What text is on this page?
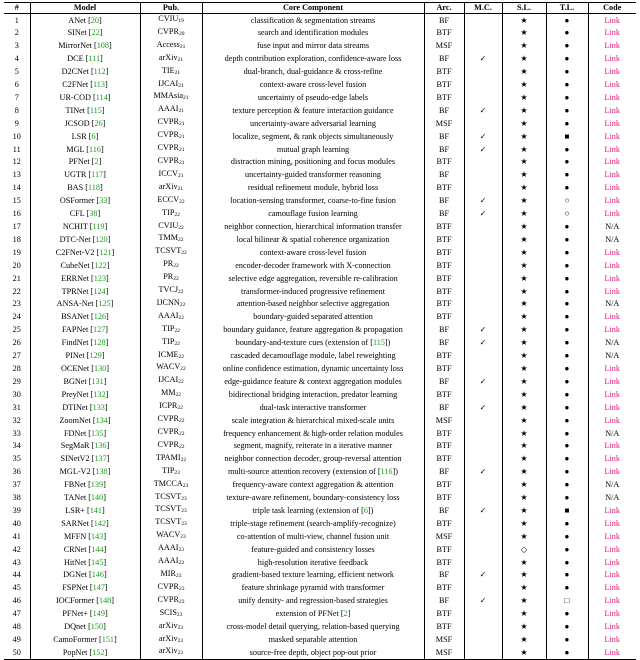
#	Model	Pub.	Core Component	Arc.	M.C.	S.L.	T.L.	Code
1	ANet [20]	CVIU19	classification & segmentation streams	BF		★	●	Link
2	SINet [22]	CVPR20	search and identification modules	BTF		★	●	Link
3	MirrorNet [108]	Access21	fuse input and mirror data streams	MSF		★	●	Link
4	DCE [111]	arXiv21	depth contribution exploration, confidence-aware loss	BF	✓	★	●	Link
5	D2CNet [112]	TIE21	dual-branch, dual-guidance & cross-refine	BTF		★	●	Link
6	C2FNet [113]	IJCAI21	context-aware cross-level fusion	BTF		★	●	Link
7	UR-COD [114]	MMAsia21	uncertainty of pseudo-edge labels	BTF		★	●	Link
8	TINet [115]	AAAI21	texture perception & feature interaction guidance	BF	✓	★	●	Link
9	JCSOD [26]	CVPR21	uncertainty-aware adversarial learning	MSF		★	●	Link
10	LSR [6]	CVPR21	localize, segment, & rank objects simultaneously	BF	✓	★	■	Link
11	MGL [116]	CVPR21	mutual graph learning	BF	✓	★	●	Link
12	PFNet [2]	CVPR21	distraction mining, positioning and focus modules	BTF		★	●	Link
13	UGTR [117]	ICCV21	uncertainty-guided transformer reasoning	BF		★	●	Link
14	BAS [118]	arXiv21	residual refinement module, hybrid loss	BTF		★	●	Link
15	OSFormer [33]	ECCV22	location-sensing transformer, coarse-to-fine fusion	BF	✓	★	○	Link
16	CFL [38]	TIP22	camouflage fusion learning	BF	✓	★	○	Link
17	NCHIT [119]	CVIU22	neighbor connection, hierarchical information transfer	BTF		★	●	N/A
18	DTC-Net [120]	TMM22	local bilinear & spatial coherence organization	BTF		★	●	N/A
19	C2FNet-V2 [121]	TCSVT22	context-aware cross-level fusion	BTF		★	●	Link
20	CubeNet [122]	PR22	encoder-decoder framework with X-connection	BTF		★	●	Link
21	ERRNet [123]	PR22	selective edge aggregation, reversible re-calibration	BTF		★	●	Link
22	TPRNet [124]	TVCJ22	transformer-induced progressive refinement	BTF		★	●	Link
23	ANSA-Net [125]	IJCNN22	attention-based neighbor selective aggregation	BTF		★	●	N/A
24	BSANet [126]	AAAI22	boundary-guided separated attention	BTF		★	●	Link
25	FAPNet [127]	TIP22	boundary guidance, feature aggregation & propagation	BF	✓	★	●	Link
26	FindNet [128]	TIP22	boundary-and-texture cues (extension of [115])	BF	✓	★	●	N/A
27	PINet [129]	ICME22	cascaded decamouflage module, label reweighting	BTF		★	●	N/A
28	OCENet [130]	WACV22	online confidence estimation, dynamic uncertainty loss	BTF		★	●	Link
29	BGNet [131]	IJCAI22	edge-guidance feature & context aggregation modules	BF	✓	★	●	Link
30	PreyNet [132]	MM22	bidirectional bridging interaction, predator learning	BTF		★	●	Link
31	DTINet [133]	ICPR22	dual-task interactive transformer	BF	✓	★	●	Link
32	ZoomNet [134]	CVPR22	scale integration & hierarchical mixed-scale units	MSF		★	●	Link
33	FDNet [135]	CVPR22	frequency enhancement & high-order relation modules	BTF		★	●	N/A
34	SegMaR [136]	CVPR22	segment, magnify, reiterate in a iterative manner	BTF		★	●	Link
35	SINetV2 [137]	TPAMI22	neighbor connection decoder, group-reversal attention	BTF		★	●	Link
36	MGL-V2 [138]	TIP23	multi-source attention recovery (extension of [116])	BF	✓	★	●	Link
37	FBNet [139]	TMCCA23	frequency-aware context aggregation & attention	BTF		★	●	N/A
38	TANet [140]	TCSVT23	texture-aware refinement, boundary-consistency loss	BTF		★	●	N/A
39	LSR+ [141]	TCSVT23	triple task learning (extension of [6])	BF	✓	★	■	Link
40	SARNet [142]	TCSVT23	triple-stage refinement (search-amplify-recognize)	BTF		★	●	Link
41	MFFN [143]	WACV23	co-attention of multi-view, channel fusion unit	MSF		★	●	Link
42	CRNet [144]	AAAI23	feature-guided and consistency losses	BTF		◇	●	Link
43	HitNet [145]	AAAI23	high-resolution iterative feedback	BTF		★	●	Link
44	DGNet [146]	MIR23	gradient-based texture learning, efficient network	BF	✓	★	●	Link
45	FSPNet [147]	CVPR23	feature shrinkage pyramid with transformer	BTF		★	●	Link
46	IOCFormer [148]	CVPR23	unify density- and regression-based strategies	BF	✓	★	□	Link
47	PFNet+ [149]	SCIS23	extension of PFNet [2]	BTF		★	●	Link
48	DQnet [150]	arXiv23	cross-model detail querying, relation-based querying	BTF		★	●	Link
49	CamoFormer [151]	arXiv23	masked separable attention	MSF		★	●	Link
50	PopNet [152]	arXiv23	source-free depth, object pop-out prior	MSF		★	●	Link
